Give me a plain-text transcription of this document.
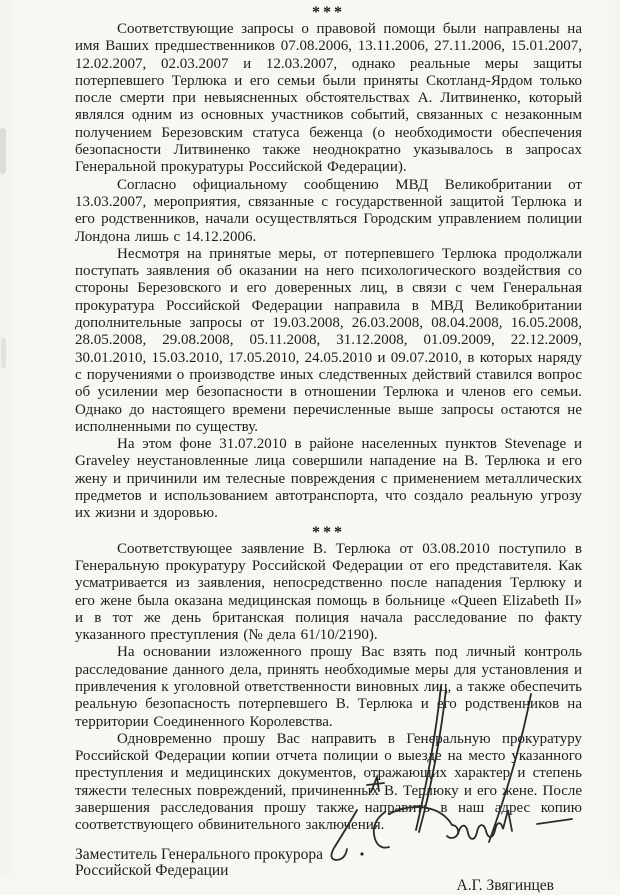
***

Соответствующие запросы о правовой помощи были направлены на имя Ваших предшественников 07.08.2006, 13.11.2006, 27.11.2006, 15.01.2007, 12.02.2007, 02.03.2007 и 12.03.2007, однако реальные меры защиты потерпевшего Терлюка и его семьи были приняты Скотланд-Ярдом только после смерти при невыясненных обстоятельствах А. Литвиненко, который являлся одним из основных участников событий, связанных с незаконным получением Березовским статуса беженца (о необходимости обеспечения безопасности Литвиненко также неоднократно указывалось в запросах Генеральной прокуратуры Российской Федерации).

Согласно официальному сообщению МВД Великобритании от 13.03.2007, мероприятия, связанные с государственной защитой Терлюка и его родственников, начали осуществляться Городским управлением полиции Лондона лишь с 14.12.2006.

Несмотря на принятые меры, от потерпевшего Терлюка продолжали поступать заявления об оказании на него психологического воздействия со стороны Березовского и его доверенных лиц, в связи с чем Генеральная прокуратура Российской Федерации направила в МВД Великобритании дополнительные запросы от 19.03.2008, 26.03.2008, 08.04.2008, 16.05.2008, 28.05.2008, 29.08.2008, 05.11.2008, 31.12.2008, 01.09.2009, 22.12.2009, 30.01.2010, 15.03.2010, 17.05.2010, 24.05.2010 и 09.07.2010, в которых наряду с поручениями о производстве иных следственных действий ставился вопрос об усилении мер безопасности в отношении Терлюка и членов его семьи. Однако до настоящего времени перечисленные выше запросы остаются не исполненными по существу.

На этом фоне 31.07.2010 в районе населенных пунктов Stevenage и Graveley неустановленные лица совершили нападение на В. Терлюка и его жену и причинили им телесные повреждения с применением металлических предметов и использованием автотранспорта, что создало реальную угрозу их жизни и здоровью.

***

Соответствующее заявление В. Терлюка от 03.08.2010 поступило в Генеральную прокуратуру Российской Федерации от его представителя. Как усматривается из заявления, непосредственно после нападения Терлюку и его жене была оказана медицинская помощь в больнице «Queen Elizabeth II» и в тот же день британская полиция начала расследование по факту указанного преступления (№ дела 61/10/2190).

На основании изложенного прошу Вас взять под личный контроль расследование данного дела, принять необходимые меры для установления и привлечения к уголовной ответственности виновных лиц, а также обеспечить реальную безопасность потерпевшего В. Терлюка и его родственников на территории Соединенного Королевства.

Одновременно прошу Вас направить в Генеральную прокуратуру Российской Федерации копии отчета полиции о выезде на место указанного преступления и медицинских документов, отражающих характер и степень тяжести телесных повреждений, причиненных В. Терлюку и его жене. После завершения расследования прошу также направить в наш адрес копию соответствующего обвинительного заключения.

Заместитель Генерального прокурора
Российской Федерации
А.Г. Звягинцев
